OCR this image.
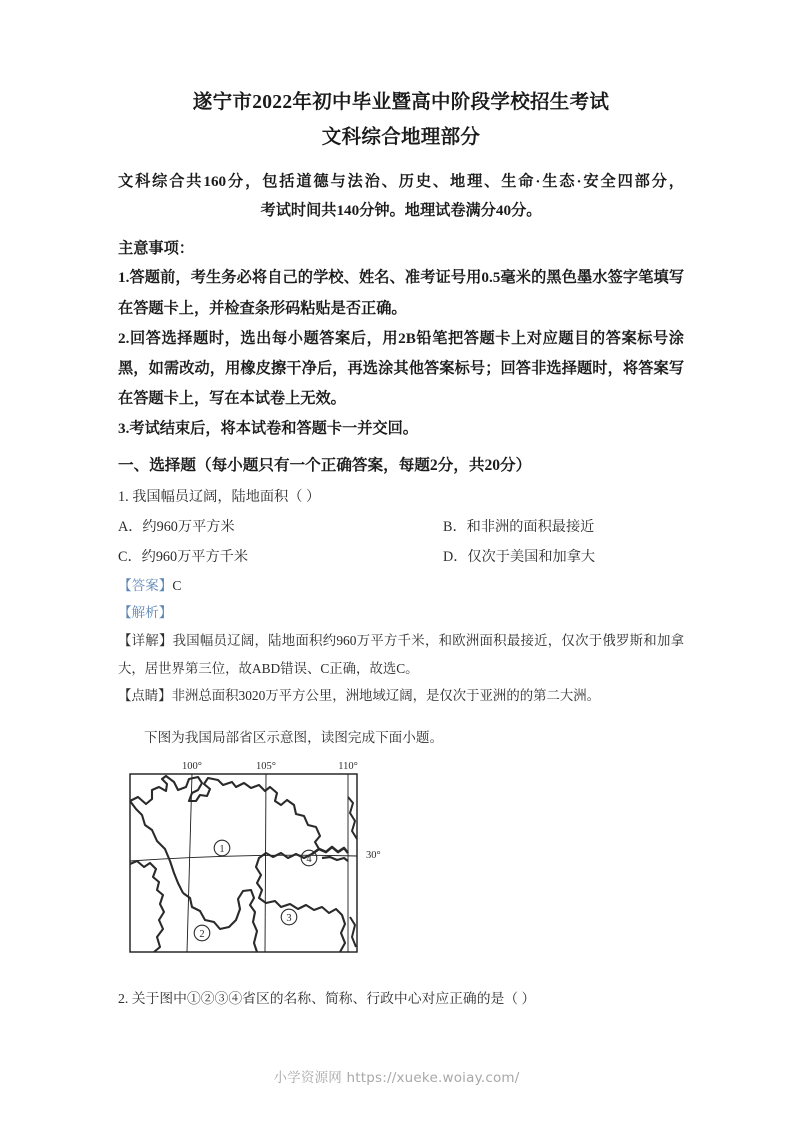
遂宁市2022年初中毕业暨高中阶段学校招生考试
文科综合地理部分
文科综合共160分，包括道德与法治、历史、地理、生命·生态·安全四部分，
考试时间共140分钟。地理试卷满分40分。

主意事项：

1.答题前，考生务必将自己的学校、姓名、准考证号用0.5毫米的黑色墨水签字笔填写在答题卡上，并检查条形码粘贴是否正确。

2.回答选择题时，选出每小题答案后，用2B铅笔把答题卡上对应题目的答案标号涂黑，如需改动，用橡皮擦干净后，再选涂其他答案标号；回答非选择题时，将答案写在答题卡上，写在本试卷上无效。

3.考试结束后，将本试卷和答题卡一并交回。

一、选择题（每小题只有一个正确答案，每题2分，共20分）

1. 我国幅员辽阔，陆地面积（ ）

A．约960万平方米	B．和非洲的面积最接近
C．约960万平方千米	D．仅次于美国和加拿大

【答案】C

【解析】

【详解】我国幅员辽阔，陆地面积约960万平方千米，和欧洲面积最接近，仅次于俄罗斯和加拿大，居世界第三位，故ABD错误、C正确，故选C。

【点睛】非洲总面积3020万平方公里，洲地域辽阔，是仅次于亚洲的的第二大洲。

下图为我国局部省区示意图，读图完成下面小题。

100°	105°	110°
30°
1
2
3
4

2. 关于图中①②③④省区的名称、简称、行政中心对应正确的是（ ）

小学资源网 https://xueke.woiay.com/
